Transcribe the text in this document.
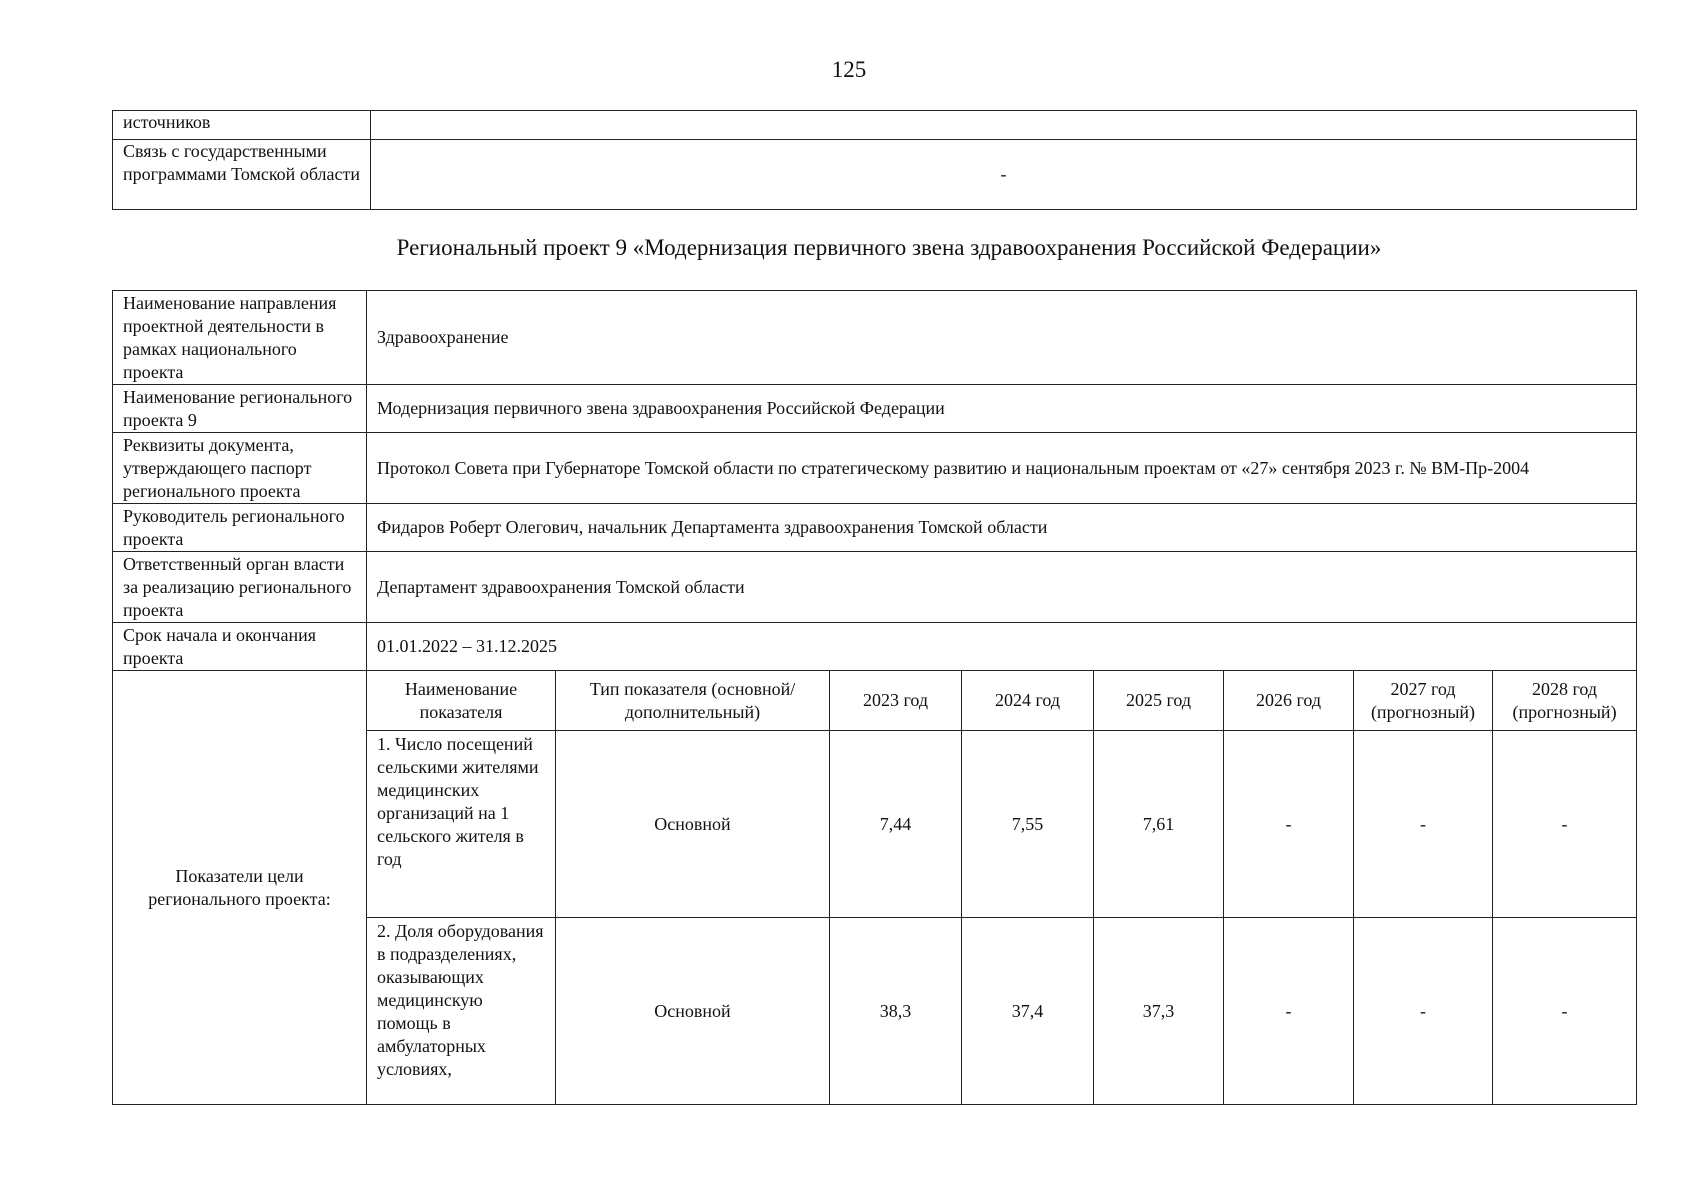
125
источников	
Связь с государственными программами Томской области	-
Региональный проект 9 «Модернизация первичного звена здравоохранения Российской Федерации»
Наименование направления проектной деятельности в рамках национального проекта	Здравоохранение							
Наименование регионального проекта 9	Модернизация первичного звена здравоохранения Российской Федерации							
Реквизиты документа, утверждающего паспорт регионального проекта	Протокол Совета при Губернаторе Томской области по стратегическому развитию и национальным проектам от «27» сентября 2023 г. № ВМ-Пр-2004							
Руководитель регионального проекта	Фидаров Роберт Олегович, начальник Департамента здравоохранения Томской области							
Ответственный орган власти за реализацию регионального проекта	Департамент здравоохранения Томской области							
Срок начала и окончания проекта	01.01.2022 – 31.12.2025							
Показатели цели регионального проекта:	Наименование показателя	Тип показателя (основной/дополнительный)	2023 год	2024 год	2025 год	2026 год	2027 год (прогнозный)	2028 год (прогнозный)
	1. Число посещений сельскими жителями медицинских организаций на 1 сельского жителя в год	Основной	7,44	7,55	7,61	-	-	-
	2. Доля оборудования в подразделениях, оказывающих медицинскую помощь в амбулаторных условиях,	Основной	38,3	37,4	37,3	-	-	-
